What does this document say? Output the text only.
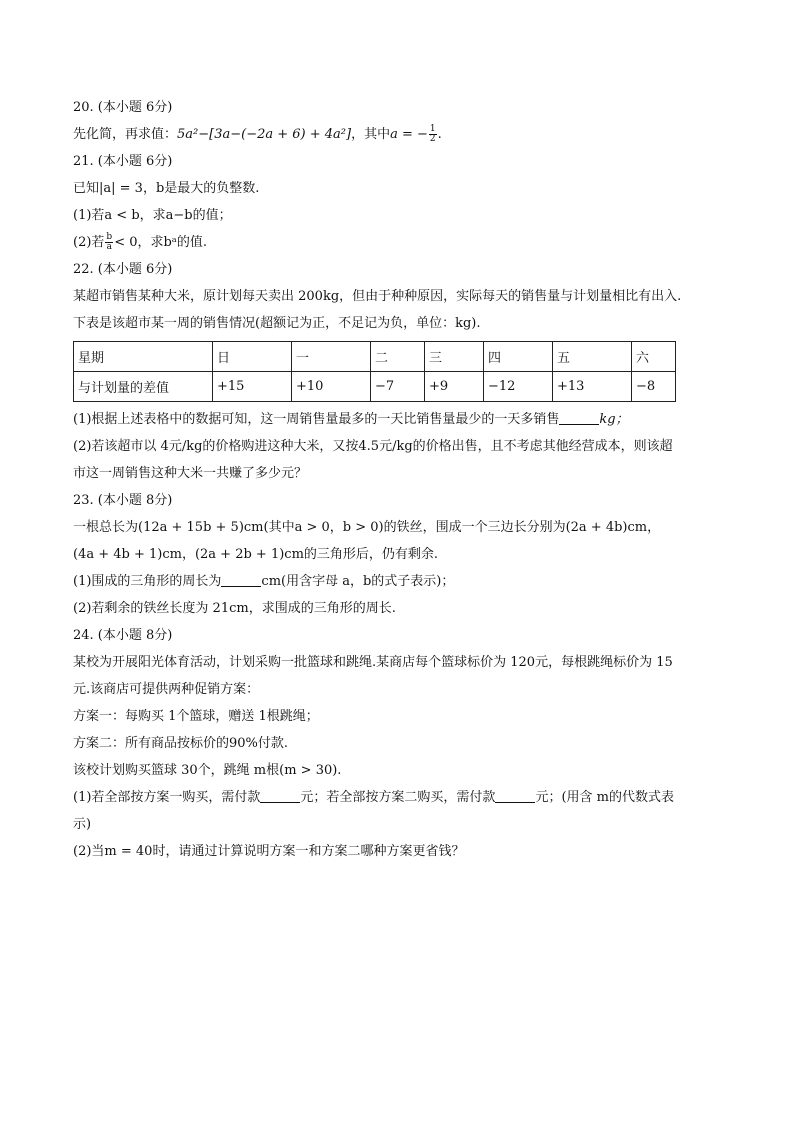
20. (本小题 6分)
先化简，再求值：5a²−[3a−(−2a + 6) + 4a²]，其中a = − $\frac{1}{2}$ .
21. (本小题 6分)
已知|a| = 3，b是最大的负整数.
(1)若a < b，求a−b的值；
(2)若 $\frac{b}{a} < 0$，求bᵃ的值.
22. (本小题 6分)
某超市销售某种大米，原计划每天卖出 200kg，但由于种种原因，实际每天的销售量与计划量相比有出入.
下表是该超市某一周的销售情况(超额记为正，不足记为负，单位：kg).
星期	日	一	二	三	四	五	六
与计划量的差值	+15	+10	−7	+9	−12	+13	−8
(1)根据上述表格中的数据可知，这一周销售量最多的一天比销售量最少的一天多销售	kg；
(2)若该超市以 4元/kg的价格购进这种大米，又按4.5元/kg的价格出售，且不考虑其他经营成本，则该超
市这一周销售这种大米一共赚了多少元？
23. (本小题 8分)
一根总长为(12a + 15b + 5)cm(其中a > 0，b > 0)的铁丝，围成一个三边长分别为(2a + 4b)cm，
(4a + 4b + 1)cm，(2a + 2b + 1)cm的三角形后，仍有剩余.
(1)围成的三角形的周长为	cm(用含字母 a，b的式子表示)；
(2)若剩余的铁丝长度为 21cm，求围成的三角形的周长.
24. (本小题 8分)
某校为开展阳光体育活动，计划采购一批篮球和跳绳.某商店每个篮球标价为 120元，每根跳绳标价为 15
元.该商店可提供两种促销方案：
方案一：每购买 1个篮球，赠送 1根跳绳；
方案二：所有商品按标价的90%付款.
该校计划购买篮球 30个，跳绳 m根(m > 30).
(1)若全部按方案一购买，需付款	元；若全部按方案二购买，需付款	元；(用含 m的代数式表
示)
(2)当m = 40时，请通过计算说明方案一和方案二哪种方案更省钱？
